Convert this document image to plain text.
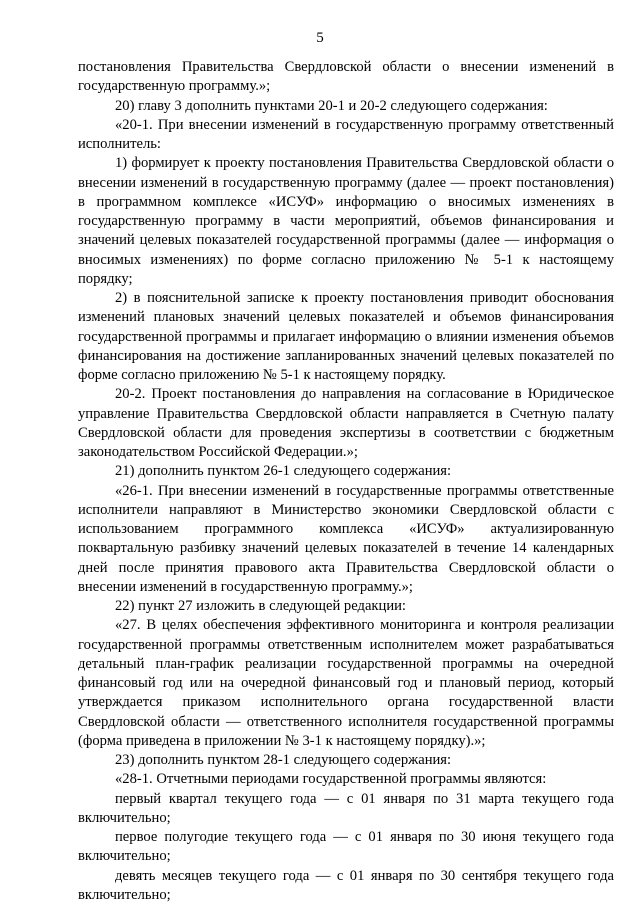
5

постановления Правительства Свердловской области о внесении изменений в государственную программу.»;

20) главу 3 дополнить пунктами 20-1 и 20-2 следующего содержания:

«20-1. При внесении изменений в государственную программу ответственный исполнитель:

1) формирует к проекту постановления Правительства Свердловской области о внесении изменений в государственную программу (далее — проект постановления) в программном комплексе «ИСУФ» информацию о вносимых изменениях в государственную программу в части мероприятий, объемов финансирования и значений целевых показателей государственной программы (далее — информация о вносимых изменениях) по форме согласно приложению № 5-1 к настоящему порядку;

2) в пояснительной записке к проекту постановления приводит обоснования изменений плановых значений целевых показателей и объемов финансирования государственной программы и прилагает информацию о влиянии изменения объемов финансирования на достижение запланированных значений целевых показателей по форме согласно приложению № 5-1 к настоящему порядку.

20-2. Проект постановления до направления на согласование в Юридическое управление Правительства Свердловской области направляется в Счетную палату Свердловской области для проведения экспертизы в соответствии с бюджетным законодательством Российской Федерации.»;

21) дополнить пунктом 26-1 следующего содержания:

«26-1. При внесении изменений в государственные программы ответственные исполнители направляют в Министерство экономики Свердловской области с использованием программного комплекса «ИСУФ» актуализированную поквартальную разбивку значений целевых показателей в течение 14 календарных дней после принятия правового акта Правительства Свердловской области о внесении изменений в государственную программу.»;

22) пункт 27 изложить в следующей редакции:

«27. В целях обеспечения эффективного мониторинга и контроля реализации государственной программы ответственным исполнителем может разрабатываться детальный план-график реализации государственной программы на очередной финансовый год или на очередной финансовый год и плановый период, который утверждается приказом исполнительного органа государственной власти Свердловской области — ответственного исполнителя государственной программы (форма приведена в приложении № 3-1 к настоящему порядку).»;

23) дополнить пунктом 28-1 следующего содержания:

«28-1. Отчетными периодами государственной программы являются:

первый квартал текущего года — с 01 января по 31 марта текущего года включительно;

первое полугодие текущего года — с 01 января по 30 июня текущего года включительно;

девять месяцев текущего года — с 01 января по 30 сентября текущего года включительно;
